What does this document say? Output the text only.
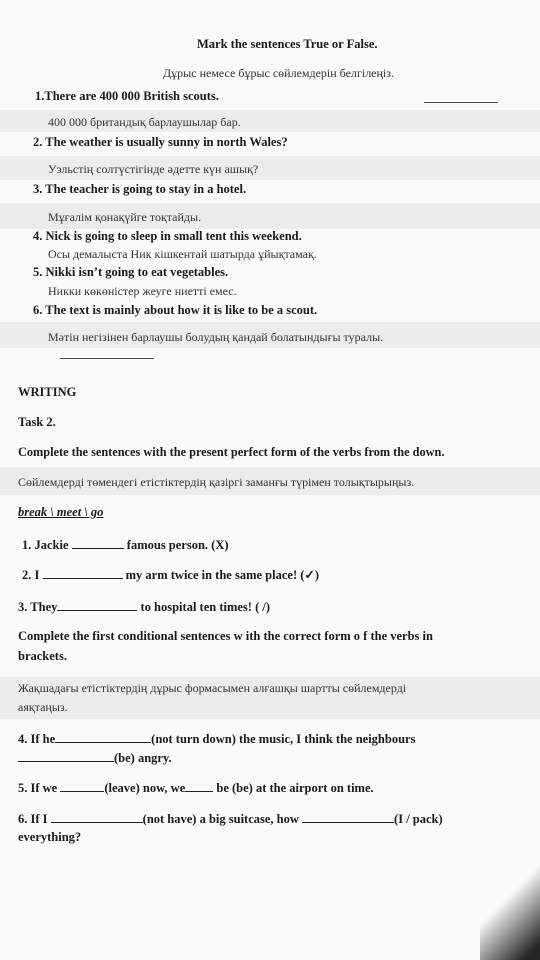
Mark the sentences True or False.
Дұрыс немесе бұрыс сөйлемдерін белгілеңіз.
1.There are 400 000 British scouts.
400 000 британдық барлаушылар бар.
2. The weather is usually sunny in north Wales?
Уэльстің солтүстігінде әдетте күн ашық?
3. The teacher is going to stay in a hotel.
Мұғалім қонақүйге тоқтайды.
4. Nick is going to sleep in small tent this weekend.
Осы демалыста Ник кішкентай шатырда ұйықтамақ.
5. Nikki isn’t going to eat vegetables.
Никки көкөністер жеуге ниетті емес.
6. The text is mainly about how it is like to be a scout.
Мәтін негізінен барлаушы болудың қандай болатындығы туралы.
WRITING
Task 2.
Complete the sentences with the present perfect form of the verbs from the down.
Сөйлемдерді төмендегі етістіктердің қазіргі заманғы түрімен толықтырыңыз.
break \ meet \ go
1. Jackie	famous person. (X)
2. I	my arm twice in the same place! (✓)
3. They	to hospital ten times! ( /)
Complete the first conditional sentences w ith the correct form o f the verbs in
brackets.
Жақшадағы етістіктердің дұрыс формасымен алғашқы шартты сөйлемдерді
аяқтаңыз.
4. If he	(not turn down) the music, I think the neighbours
(be) angry.
5. If we	(leave) now, we be (be) at the airport on time.
6. If I	(not have) a big suitcase, how	(I / pack)
everything?
